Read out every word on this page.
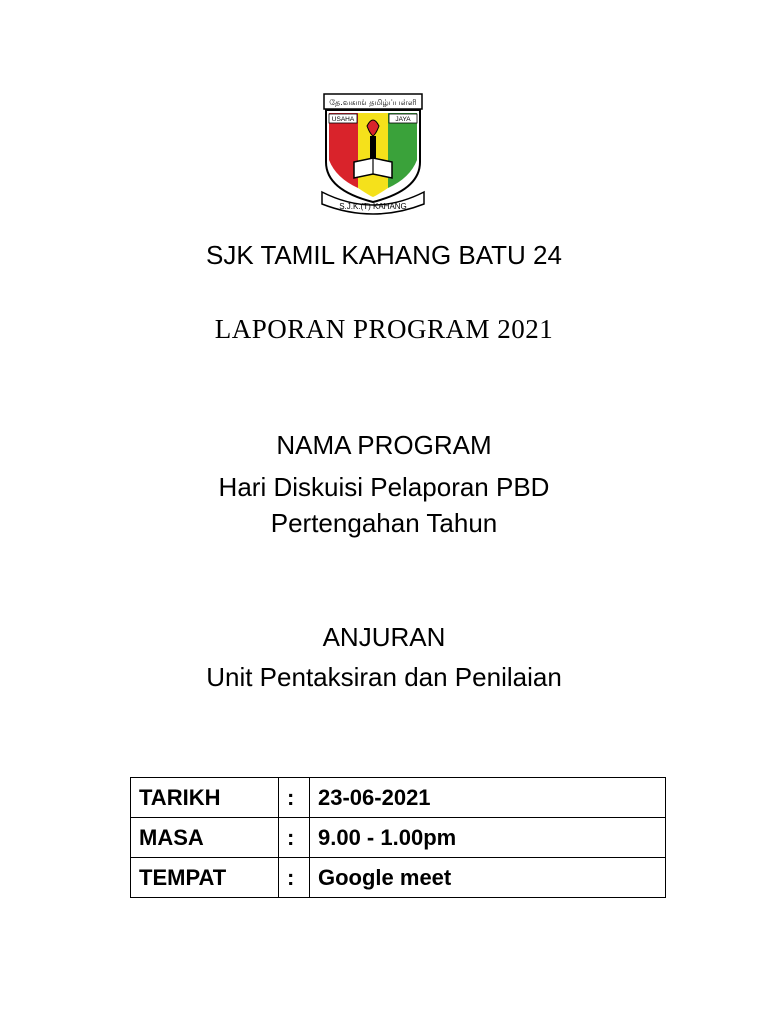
தே.வகாங் தமிழ்ப்பள்ளி
USAHA	JAYA
S.J.K.(T) KAHANG
SJK TAMIL KAHANG BATU 24
LAPORAN PROGRAM 2021
NAMA PROGRAM
Hari Diskuisi Pelaporan PBD
Pertengahan Tahun
ANJURAN
Unit Pentaksiran dan Penilaian
TARIKH	:	23-06-2021
MASA	:	9.00 - 1.00pm
TEMPAT	:	Google meet
